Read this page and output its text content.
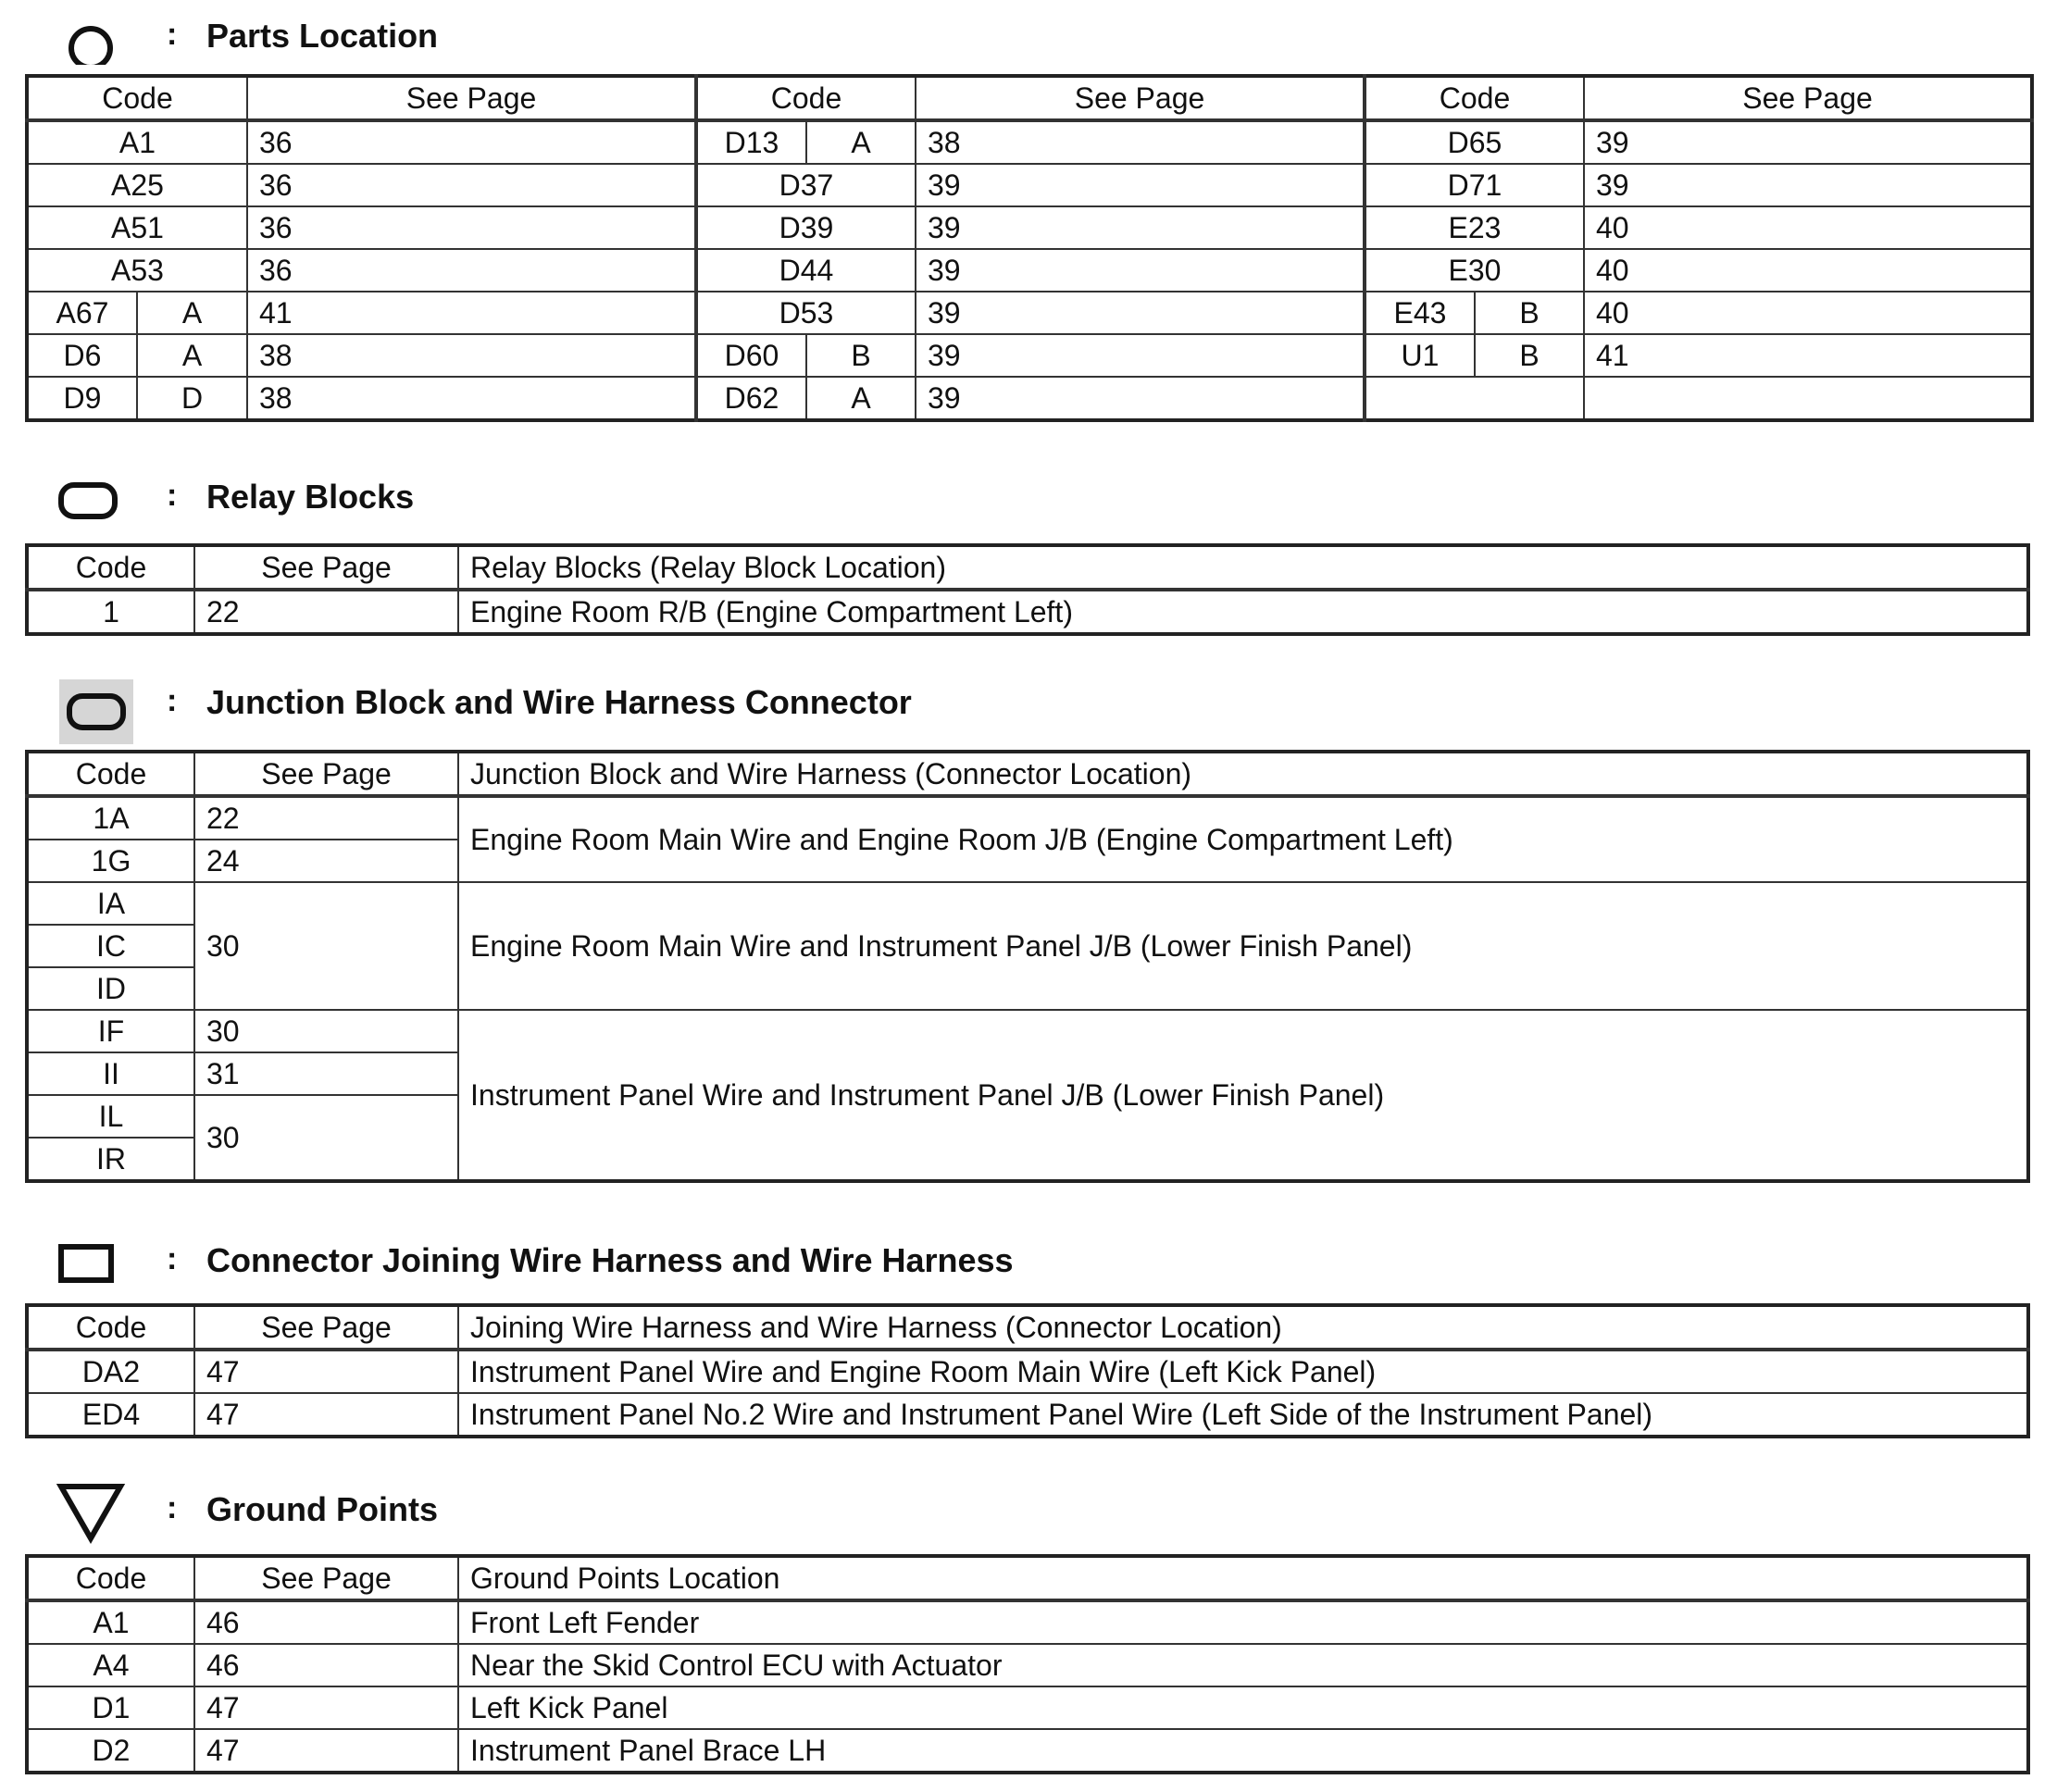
: Parts Location
Code		See Page	Code		See Page	Code		See Page
A1		36	D13	A	38	D65		39
A25		36	D37		39	D71		39
A51		36	D39		39	E23		40
A53		36	D44		39	E30		40
A67	A	41	D53		39	E43	B	40
D6	A	38	D60	B	39	U1	B	41
D9	D	38	D62	A	39			
: Relay Blocks
Code	See Page	Relay Blocks (Relay Block Location)
1	22	Engine Room R/B (Engine Compartment Left)
: Junction Block and Wire Harness Connector
Code	See Page	Junction Block and Wire Harness (Connector Location)
1A	22	Engine Room Main Wire and Engine Room J/B (Engine Compartment Left)
1G	24	
IA	30	Engine Room Main Wire and Instrument Panel J/B (Lower Finish Panel)
IC		
ID		
IF	30	Instrument Panel Wire and Instrument Panel J/B (Lower Finish Panel)
II	31	
IL	30	
IR		
: Connector Joining Wire Harness and Wire Harness
Code	See Page	Joining Wire Harness and Wire Harness (Connector Location)
DA2	47	Instrument Panel Wire and Engine Room Main Wire (Left Kick Panel)
ED4	47	Instrument Panel No.2 Wire and Instrument Panel Wire (Left Side of the Instrument Panel)
: Ground Points
Code	See Page	Ground Points Location
A1	46	Front Left Fender
A4	46	Near the Skid Control ECU with Actuator
D1	47	Left Kick Panel
D2	47	Instrument Panel Brace LH
